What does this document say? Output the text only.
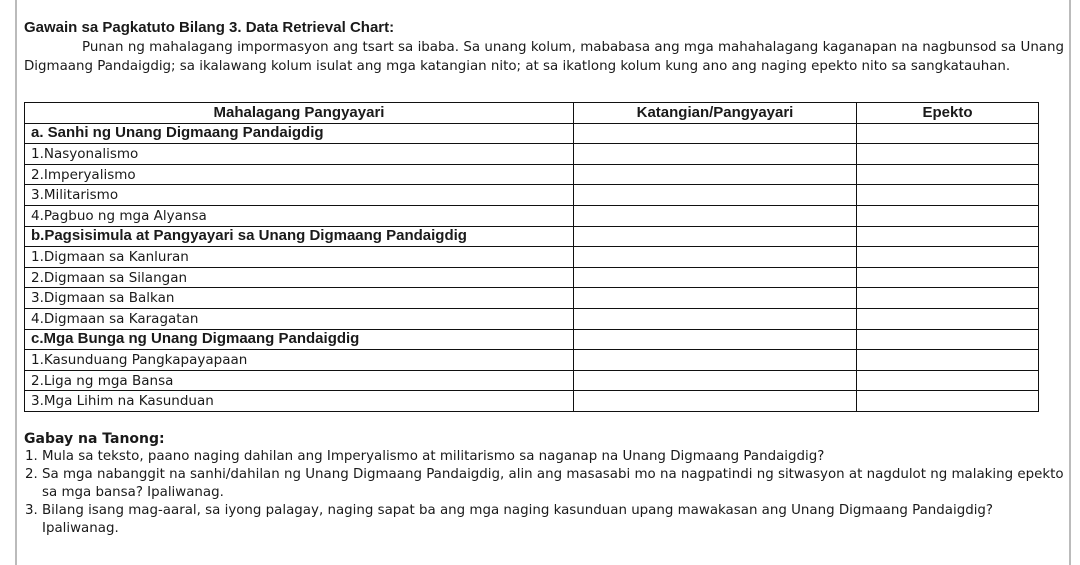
Gawain sa Pagkatuto Bilang 3. Data Retrieval Chart:
Punan ng mahalagang impormasyon ang tsart sa ibaba. Sa unang kolum, mababasa ang mga mahahalagang kaganapan na nagbunsod sa Unang Digmaang Pandaigdig; sa ikalawang kolum isulat ang mga katangian nito; at sa ikatlong kolum kung ano ang naging epekto nito sa sangkatauhan.
Mahalagang Pangyayari	Katangian/Pangyayari	Epekto
a. Sanhi ng Unang Digmaang Pandaigdig		
1.Nasyonalismo		
2.Imperyalismo		
3.Militarismo		
4.Pagbuo ng mga Alyansa		
b.Pagsisimula at Pangyayari sa Unang Digmaang Pandaigdig		
1.Digmaan sa Kanluran		
2.Digmaan sa Silangan		
3.Digmaan sa Balkan		
4.Digmaan sa Karagatan		
c.Mga Bunga ng Unang Digmaang Pandaigdig		
1.Kasunduang Pangkapayapaan		
2.Liga ng mga Bansa		
3.Mga Lihim na Kasunduan		
Gabay na Tanong:
1. Mula sa teksto, paano naging dahilan ang Imperyalismo at militarismo sa naganap na Unang Digmaang Pandaigdig?
2. Sa mga nabanggit na sanhi/dahilan ng Unang Digmaang Pandaigdig, alin ang masasabi mo na nagpatindi ng sitwasyon at nagdulot ng malaking epekto sa mga bansa? Ipaliwanag.
3. Bilang isang mag-aaral, sa iyong palagay, naging sapat ba ang mga naging kasunduan upang mawakasan ang Unang Digmaang Pandaigdig? Ipaliwanag.
